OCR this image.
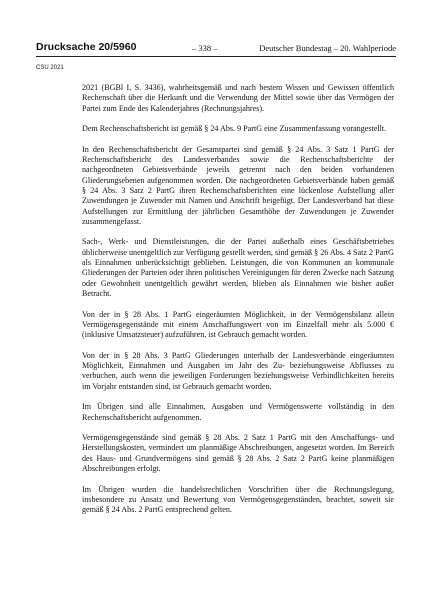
Drucksache 20/5960	– 338 –	Deutscher Bundestag – 20. Wahlperiode
CSU 2021

2021 (BGBl I, S. 3436), wahrheitsgemäß und nach bestem Wissen und Gewissen öffentlich Rechenschaft über die Herkunft und die Verwendung der Mittel sowie über das Vermögen der Partei zum Ende des Kalenderjahres (Rechnungsjahres).

Dem Rechenschaftsbericht ist gemäß § 24 Abs. 9 PartG eine Zusammenfassung vorangestellt.

In den Rechenschaftsbericht der Gesamtpartei sind gemäß § 24 Abs. 3 Satz 1 PartG der Rechenschaftsbericht des Landesverbandes sowie die Rechenschaftsberichte der nachgeordneten Gebietsverbände jeweils getrennt nach den beiden vorhandenen Gliederungsebenen aufgenommen worden. Die nachgeordneten Gebietsverbände haben gemäß § 24 Abs. 3 Satz 2 PartG ihren Rechenschaftsberichten eine lückenlose Aufstellung aller Zuwendungen je Zuwender mit Namen und Anschrift beigefügt. Der Landesverband hat diese Aufstellungen zur Ermittlung der jährlichen Gesamthöhe der Zuwendungen je Zuwender zusammengefasst.

Sach-, Werk- und Dienstleistungen, die der Partei außerhalb eines Geschäftsbetriebes üblicherweise unentgeltlich zur Verfügung gestellt werden, sind gemäß § 26 Abs. 4 Satz 2 PartG als Einnahmen unberücksichtigt geblieben. Leistungen, die von Kommunen an kommunale Gliederungen der Parteien oder ihren politischen Vereinigungen für deren Zwecke nach Satzung oder Gewohnheit unentgeltlich gewährt werden, blieben als Einnahmen wie bisher außer Betracht.

Von der in § 28 Abs. 1 PartG eingeräumten Möglichkeit, in der Vermögensbilanz allein Vermögensgegenstände mit einem Anschaffungswert von im Einzelfall mehr als 5.000 € (inklusive Umsatzsteuer) aufzuführen, ist Gebrauch gemacht worden.

Von der in § 28 Abs. 3 PartG Gliederungen unterhalb der Landesverbände eingeräumten Möglichkeit, Einnahmen und Ausgaben im Jahr des Zu- beziehungsweise Abflusses zu verbuchen, auch wenn die jeweiligen Forderungen beziehungsweise Verbindlichkeiten bereits im Vorjahr entstanden sind, ist Gebrauch gemacht worden.

Im Übrigen sind alle Einnahmen, Ausgaben und Vermögenswerte vollständig in den Rechenschaftsbericht aufgenommen.

Vermögensgegenstände sind gemäß § 28 Abs. 2 Satz 1 PartG mit den Anschaffungs- und Herstellungskosten, vermindert um planmäßige Abschreibungen, angesetzt worden. Im Bereich des Haus- und Grundvermögens sind gemäß § 28 Abs. 2 Satz 2 PartG keine planmäßigen Abschreibungen erfolgt.

Im Übrigen wurden die handelsrechtlichen Vorschriften über die Rechnungslegung, insbesondere zu Ansatz und Bewertung von Vermögensgegenständen, beachtet, soweit sie gemäß § 24 Abs. 2 PartG entsprechend gelten.
